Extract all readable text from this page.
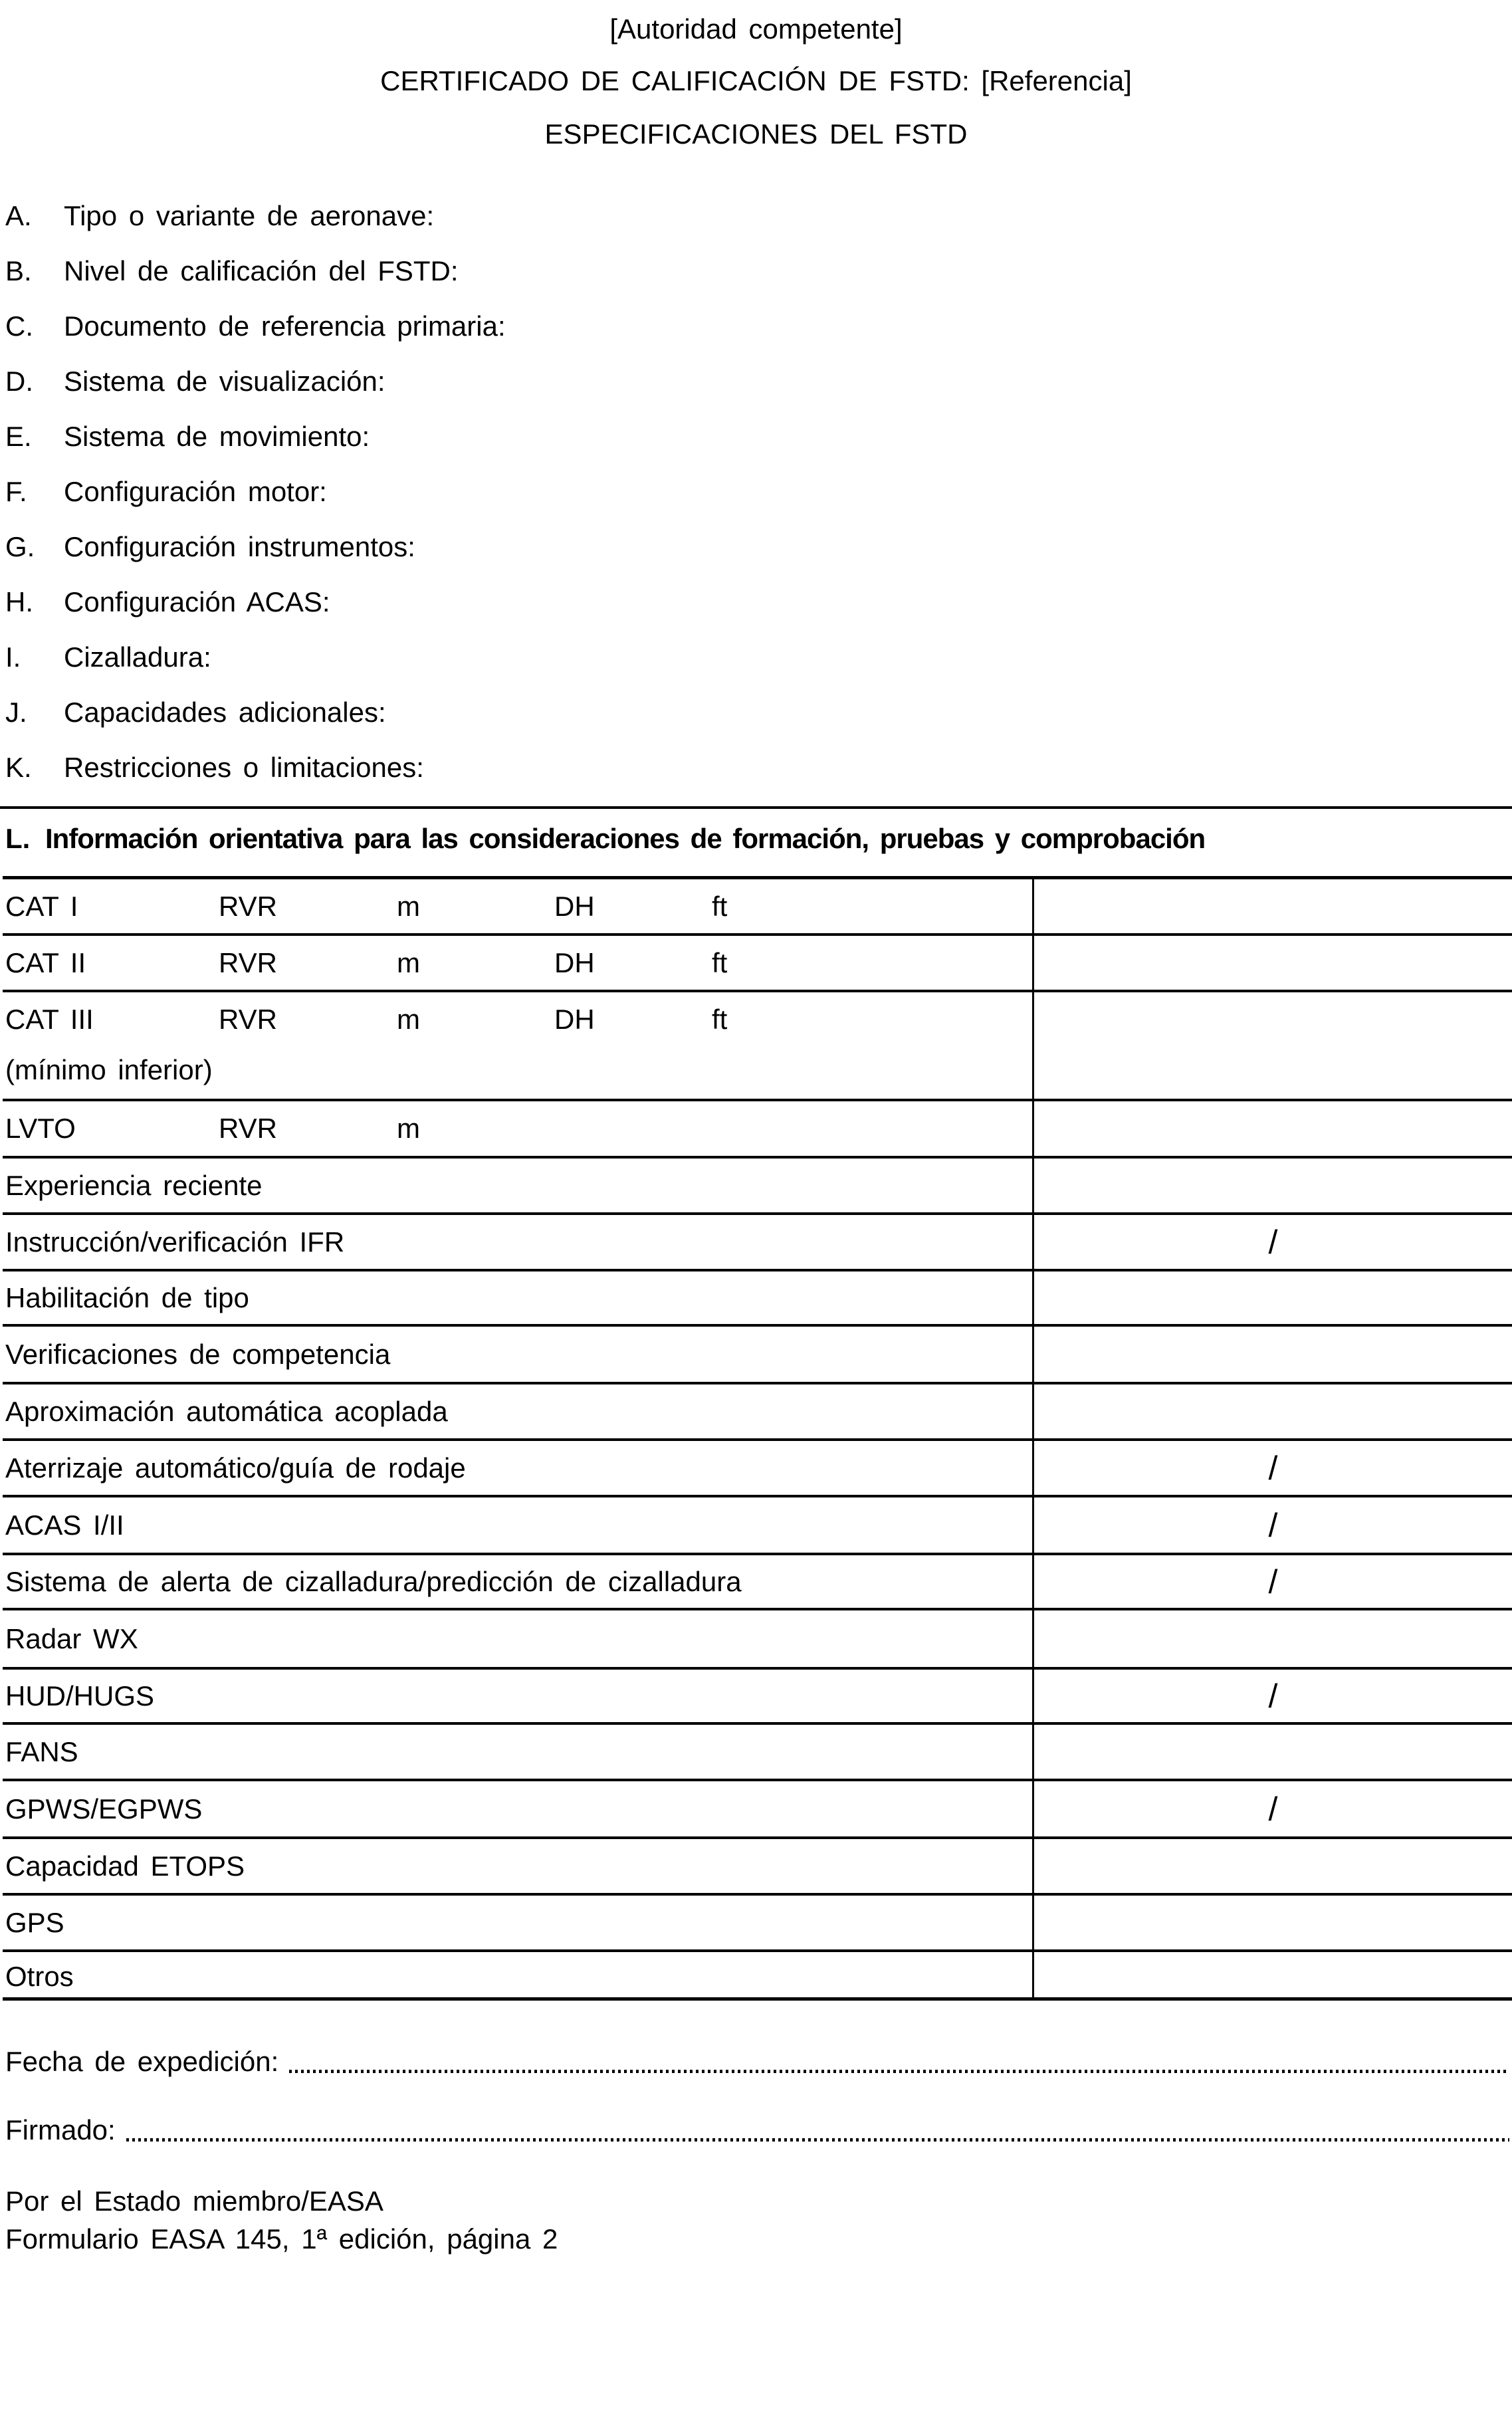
[Autoridad competente]
CERTIFICADO DE CALIFICACIÓN DE FSTD: [Referencia]
ESPECIFICACIONES DEL FSTD
A.	Tipo o variante de aeronave:
B.	Nivel de calificación del FSTD:
C.	Documento de referencia primaria:
D.	Sistema de visualización:
E.	Sistema de movimiento:
F.	Configuración motor:
G.	Configuración instrumentos:
H.	Configuración ACAS:
I.	Cizalladura:
J.	Capacidades adicionales:
K.	Restricciones o limitaciones:
L. Información orientativa para las consideraciones de formación, pruebas y comprobación
CAT I	RVR	m	DH	ft
CAT II	RVR	m	DH	ft
CAT III	RVR	m	DH	ft
(mínimo inferior)
LVTO	RVR	m
Experiencia reciente
Instrucción/verificación IFR	/
Habilitación de tipo
Verificaciones de competencia
Aproximación automática acoplada
Aterrizaje automático/guía de rodaje	/
ACAS I/II	/
Sistema de alerta de cizalladura/predicción de cizalladura	/
Radar WX
HUD/HUGS	/
FANS
GPWS/EGPWS	/
Capacidad ETOPS
GPS
Otros
Fecha de expedición:
Firmado:
Por el Estado miembro/EASA
Formulario EASA 145, 1ª edición, página 2
